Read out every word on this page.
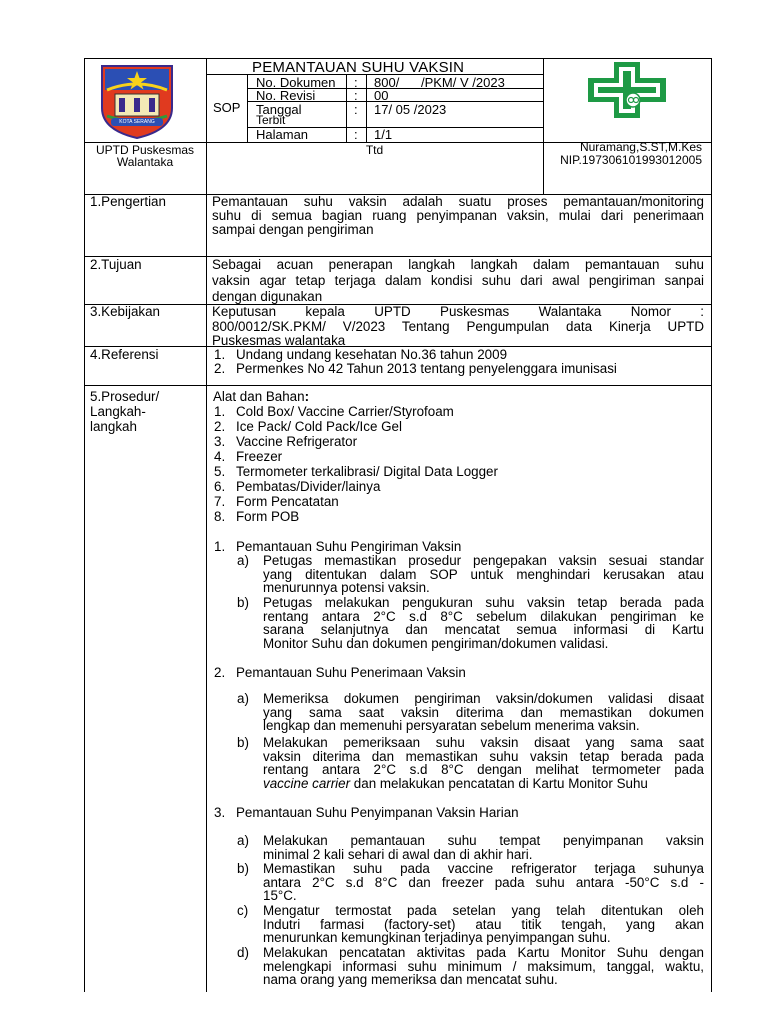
KOTA SERANG
PEMANTAUAN SUHU VAKSIN
SOP
No. Dokumen : 800/      /PKM/ V /2023
No. Revisi	: 00
Tanggal
Terbit
: 17/ 05 /2023
Halaman	: 1/1
UPTD Puskesmas
Walantaka
Ttd	Nuramang,S.ST,M.Kes
NIP.197306101993012005
1.Pengertian	Pemantauan suhu vaksin adalah suatu proses pemantauan/monitoring
suhu di semua bagian ruang penyimpanan vaksin, mulai dari penerimaan
sampai dengan pengiriman
2.Tujuan	Sebagai acuan penerapan langkah langkah dalam pemantauan suhu
vaksin agar tetap terjaga dalam kondisi suhu dari awal pengiriman sanpai
dengan digunakan
3.Kebijakan	Keputusan kepala UPTD Puskesmas Walantaka Nomor :
800/0012/SK.PKM/ V/2023 Tentang Pengumpulan data Kinerja UPTD
Puskesmas walantaka
4.Referensi	1. Undang undang kesehatan No.36 tahun 2009
2. Permenkes No 42 Tahun 2013 tentang penyelenggara imunisasi
5.Prosedur/
Langkah-
langkah
Alat dan Bahan:
1. Cold Box/ Vaccine Carrier/Styrofoam
2. Ice Pack/ Cold Pack/Ice Gel
3. Vaccine Refrigerator
4. Freezer
5. Termometer terkalibrasi/ Digital Data Logger
6. Pembatas/Divider/lainya
7. Form Pencatatan
8. Form POB
1. Pemantauan Suhu Pengiriman Vaksin
a) Petugas memastikan prosedur pengepakan vaksin sesuai standar
yang ditentukan dalam SOP untuk menghindari kerusakan atau
menurunnya potensi vaksin.
b) Petugas melakukan pengukuran suhu vaksin tetap berada pada
rentang antara 2°C s.d 8°C sebelum dilakukan pengiriman ke
sarana selanjutnya dan mencatat semua informasi di Kartu
Monitor Suhu dan dokumen pengiriman/dokumen validasi.
2. Pemantauan Suhu Penerimaan Vaksin
a) Memeriksa dokumen pengiriman vaksin/dokumen validasi disaat
yang sama saat vaksin diterima dan memastikan dokumen
lengkap dan memenuhi persyaratan sebelum menerima vaksin.
b) Melakukan pemeriksaan suhu vaksin disaat yang sama saat
vaksin diterima dan memastikan suhu vaksin tetap berada pada
rentang antara 2°C s.d 8°C dengan melihat termometer pada
vaccine carrier dan melakukan pencatatan di Kartu Monitor Suhu
3. Pemantauan Suhu Penyimpanan Vaksin Harian
a) Melakukan pemantauan suhu tempat penyimpanan vaksin
minimal 2 kali sehari di awal dan di akhir hari.
b) Memastikan suhu pada vaccine refrigerator terjaga suhunya
antara 2°C s.d 8°C dan freezer pada suhu antara -50°C s.d -
15°C.
c) Mengatur termostat pada setelan yang telah ditentukan oleh
Indutri farmasi (factory-set) atau titik tengah, yang akan
menurunkan kemungkinan terjadinya penyimpangan suhu.
d) Melakukan pencatatan aktivitas pada Kartu Monitor Suhu dengan
melengkapi informasi suhu minimum / maksimum, tanggal, waktu,
nama orang yang memeriksa dan mencatat suhu.
